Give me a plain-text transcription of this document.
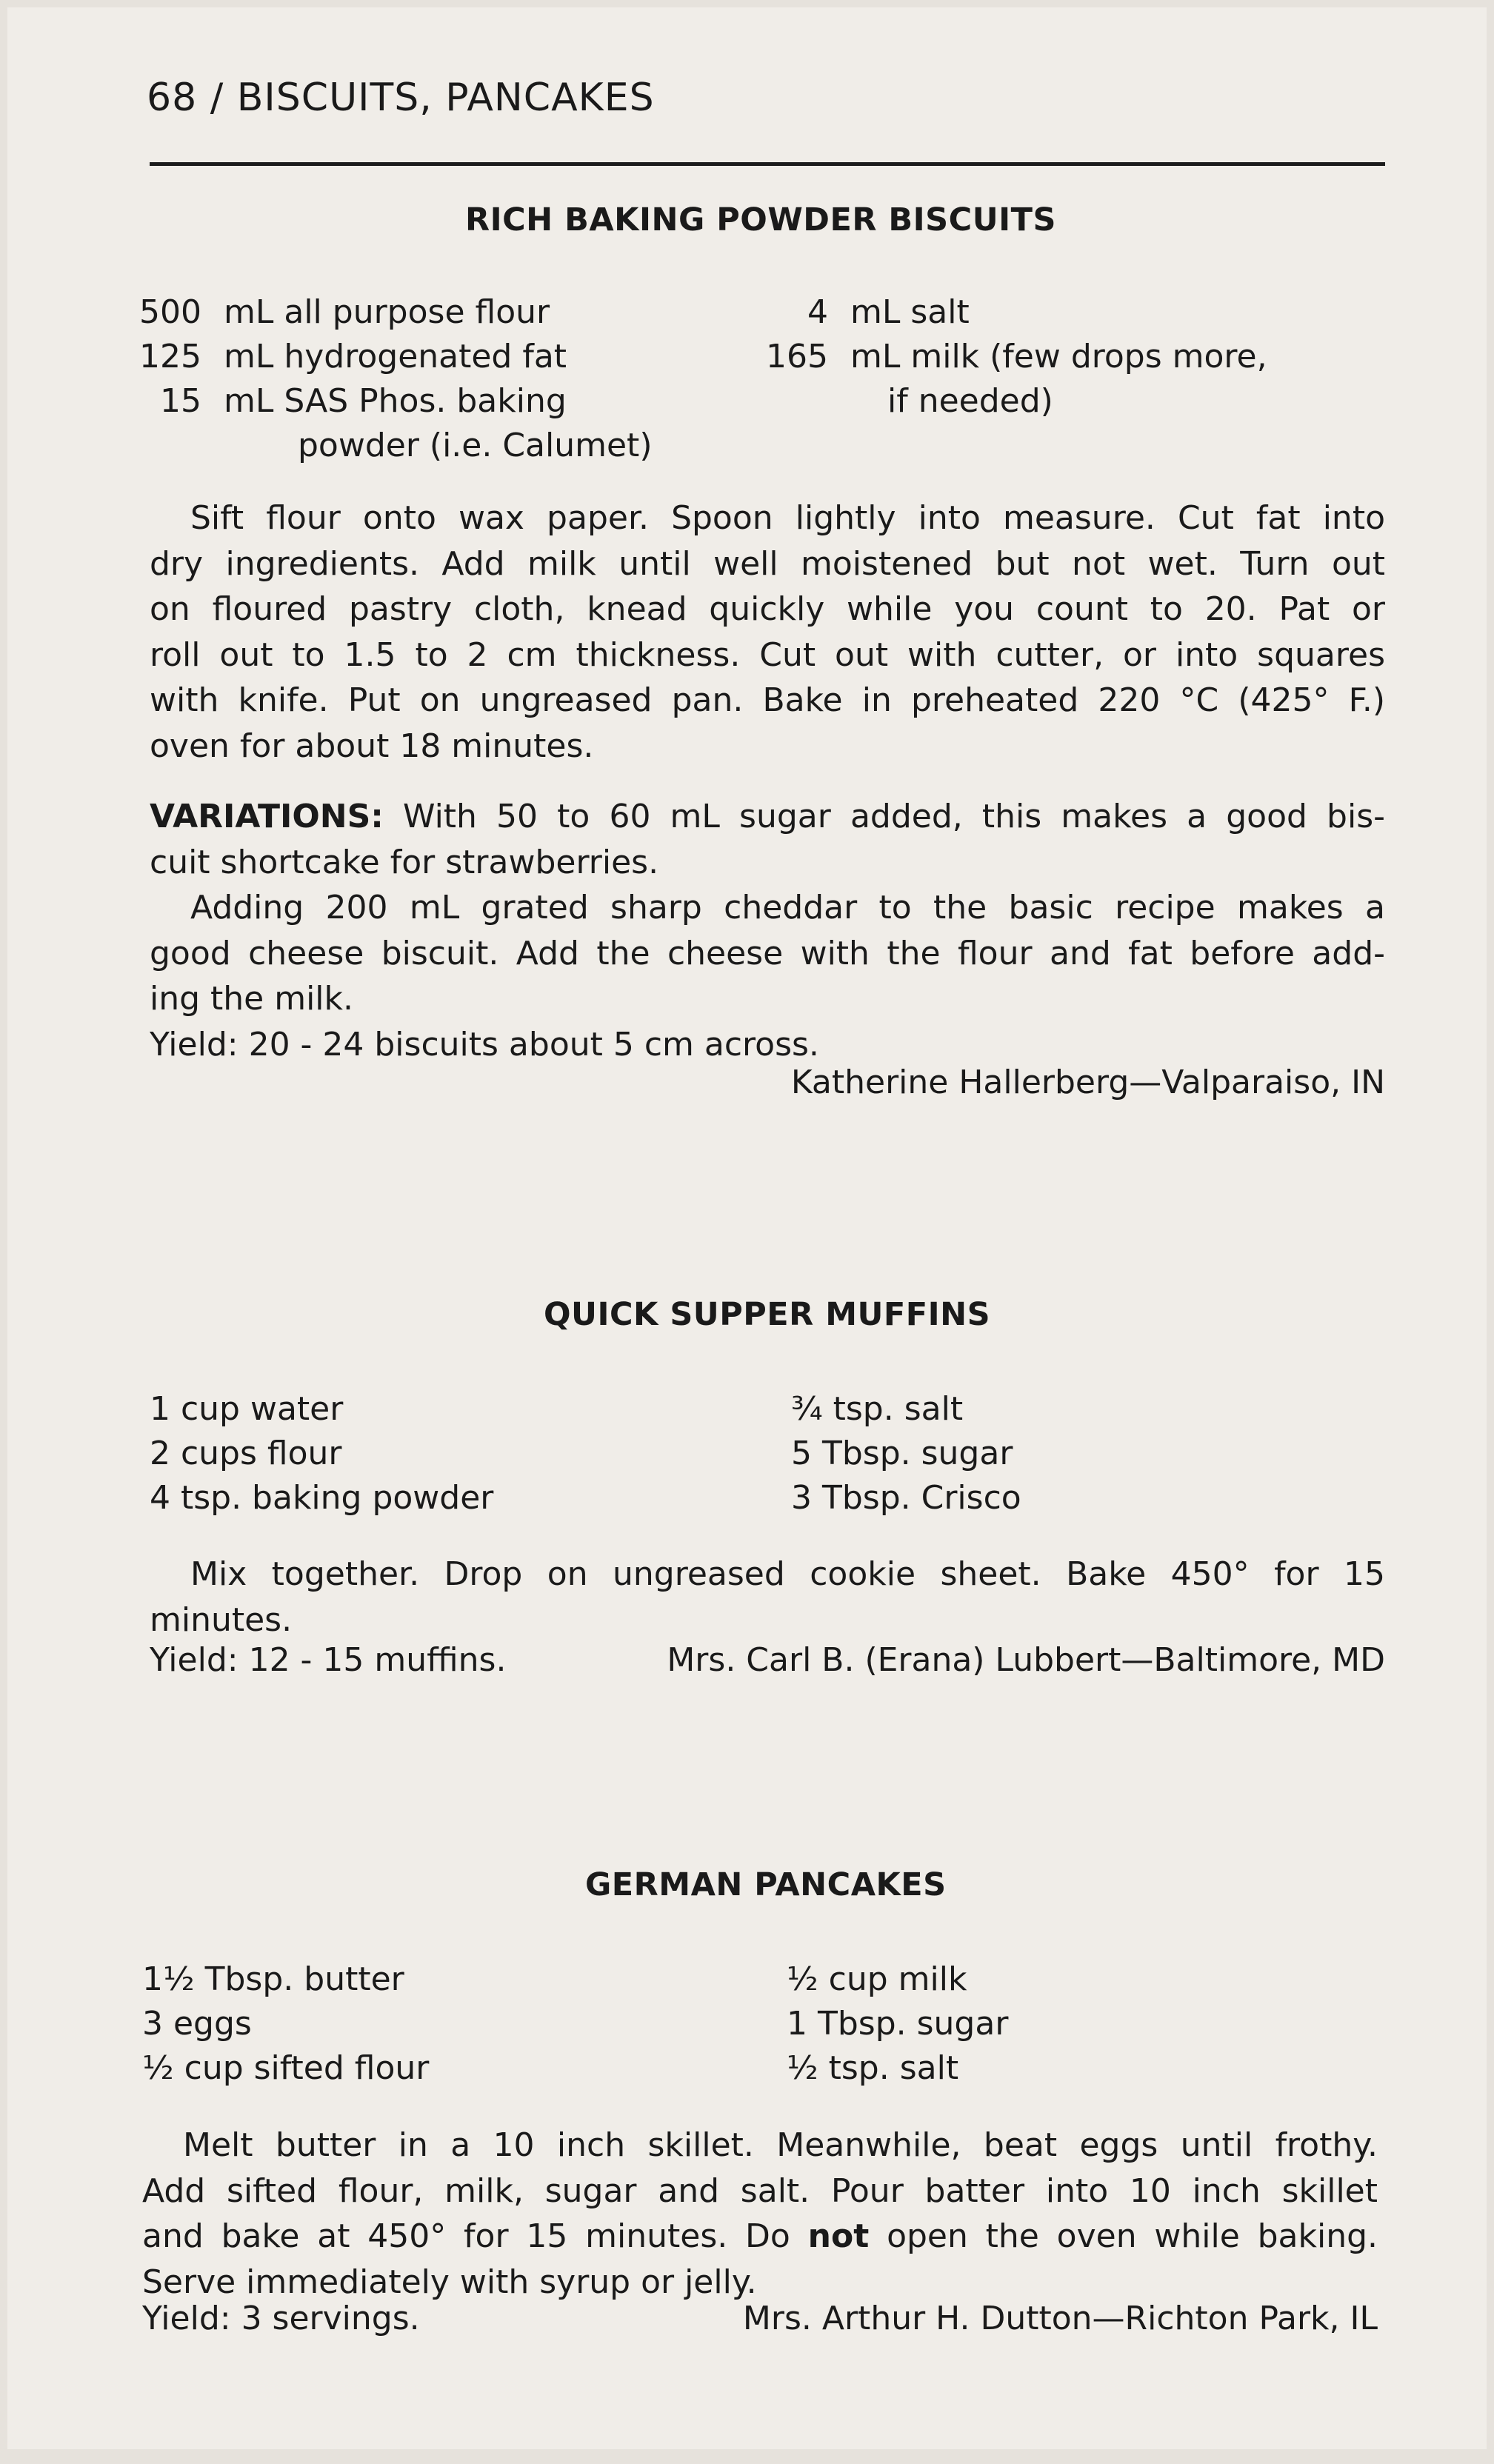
68 / BISCUITS, PANCAKES
RICH BAKING POWDER BISCUITS
500 mL all purpose flour
125 mL hydrogenated fat
15 mL SAS Phos. baking
powder (i.e. Calumet)
4 mL salt
165 mL milk (few drops more,
if needed)
Sift flour onto wax paper. Spoon lightly into measure. Cut fat into
dry ingredients. Add milk until well moistened but not wet. Turn out
on floured pastry cloth, knead quickly while you count to 20. Pat or
roll out to 1.5 to 2 cm thickness. Cut out with cutter, or into squares
with knife. Put on ungreased pan. Bake in preheated 220 °C (425° F.)
oven for about 18 minutes.
VARIATIONS: With 50 to 60 mL sugar added, this makes a good bis-
cuit shortcake for strawberries.
Adding 200 mL grated sharp cheddar to the basic recipe makes a
good cheese biscuit. Add the cheese with the flour and fat before add-
ing the milk.
Yield: 20 - 24 biscuits about 5 cm across.
Katherine Hallerberg—Valparaiso, IN
QUICK SUPPER MUFFINS
1 cup water
2 cups flour
4 tsp. baking powder
¾ tsp. salt
5 Tbsp. sugar
3 Tbsp. Crisco
Mix together. Drop on ungreased cookie sheet. Bake 450° for 15
minutes.
Yield: 12 - 15 muffins.	Mrs. Carl B. (Erana) Lubbert—Baltimore, MD
GERMAN PANCAKES
1½ Tbsp. butter
3 eggs
½ cup sifted flour
½ cup milk
1 Tbsp. sugar
½ tsp. salt
Melt butter in a 10 inch skillet. Meanwhile, beat eggs until frothy.
Add sifted flour, milk, sugar and salt. Pour batter into 10 inch skillet
and bake at 450° for 15 minutes. Do not open the oven while baking.
Serve immediately with syrup or jelly.
Yield: 3 servings.	Mrs. Arthur H. Dutton—Richton Park, IL
